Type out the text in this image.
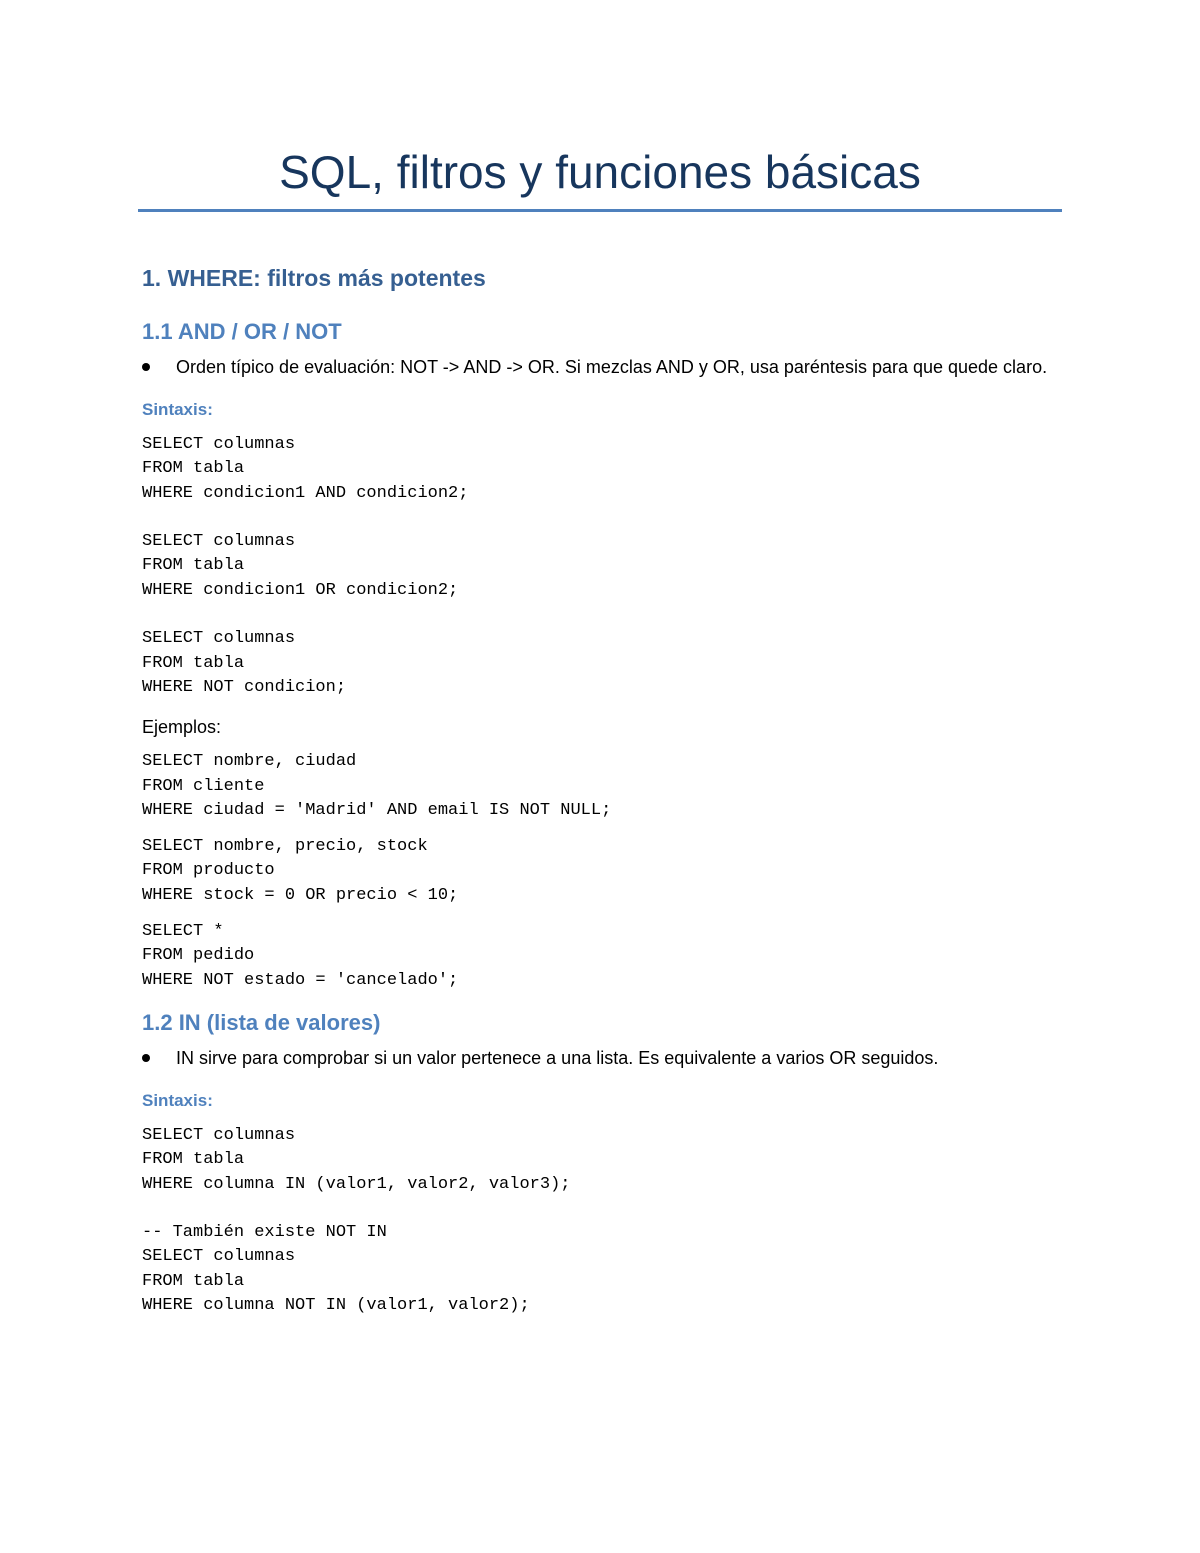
SQL, filtros y funciones básicas
1. WHERE: filtros más potentes
1.1 AND / OR / NOT
Orden típico de evaluación: NOT -> AND -> OR. Si mezclas AND y OR, usa paréntesis para que quede claro.
Sintaxis:
SELECT columnas
FROM tabla
WHERE condicion1 AND condicion2;
SELECT columnas
FROM tabla
WHERE condicion1 OR condicion2;
SELECT columnas
FROM tabla
WHERE NOT condicion;
Ejemplos:
SELECT nombre, ciudad
FROM cliente
WHERE ciudad = 'Madrid' AND email IS NOT NULL;
SELECT nombre, precio, stock
FROM producto
WHERE stock = 0 OR precio < 10;
SELECT *
FROM pedido
WHERE NOT estado = 'cancelado';
1.2 IN (lista de valores)
IN sirve para comprobar si un valor pertenece a una lista. Es equivalente a varios OR seguidos.
Sintaxis:
SELECT columnas
FROM tabla
WHERE columna IN (valor1, valor2, valor3);
-- También existe NOT IN
SELECT columnas
FROM tabla
WHERE columna NOT IN (valor1, valor2);
